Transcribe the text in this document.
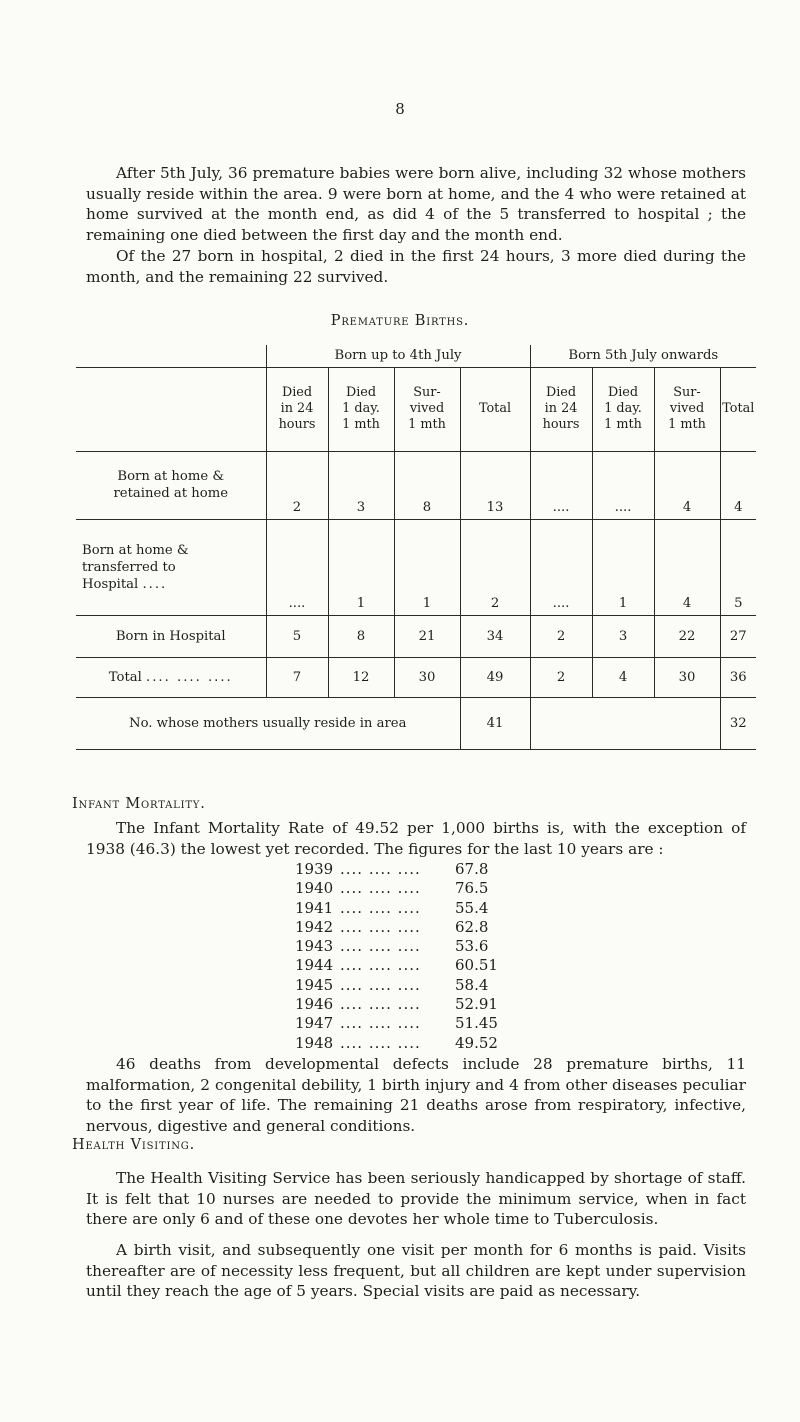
8

After 5th July, 36 premature babies were born alive, including 32 whose mothers usually reside within the area. 9 were born at home, and the 4 who were retained at home survived at the month end, as did 4 of the 5 transferred to hospital ; the remaining one died between the first day and the month end.

Of the 27 born in hospital, 2 died in the first 24 hours, 3 more died during the month, and the remaining 22 survived.

Premature Births.
	Born up to 4th July				Born 5th July onwards			
	Died
in 24
hours	Died
1 day.
1 mth	Sur-
vived
1 mth	Total	Died
in 24
hours	Died
1 day.
1 mth	Sur-
vived
1 mth	Total
Born at home &
retained at home	2	3	8	13	....	....	4	4
Born at home &
transferred to
Hospital ....	....	1	1	2	....	1	4	5
Born in Hospital	5	8	21	34	2	3	22	27
Total .... .... ....	7	12	30	49	2	4	30	36
No. whose mothers usually reside in area				41				32
Infant Mortality.

The Infant Mortality Rate of 49.52 per 1,000 births is, with the exception of 1938 (46.3) the lowest yet recorded. The figures for the last 10 years are :

1939 .... .... ....	67.8
1940 .... .... ....	76.5
1941 .... .... ....	55.4
1942 .... .... ....	62.8
1943 .... .... ....	53.6
1944 .... .... ....	60.51
1945 .... .... ....	58.4
1946 .... .... ....	52.91
1947 .... .... ....	51.45
1948 .... .... ....	49.52

46 deaths from developmental defects include 28 premature births, 11 malformation, 2 congenital debility, 1 birth injury and 4 from other diseases peculiar to the first year of life. The remaining 21 deaths arose from respiratory, infective, nervous, digestive and general conditions.

Health Visiting.

The Health Visiting Service has been seriously handicapped by shortage of staff. It is felt that 10 nurses are needed to provide the minimum service, when in fact there are only 6 and of these one devotes her whole time to Tuberculosis.

A birth visit, and subsequently one visit per month for 6 months is paid. Visits thereafter are of necessity less frequent, but all children are kept under supervision until they reach the age of 5 years. Special visits are paid as necessary.
